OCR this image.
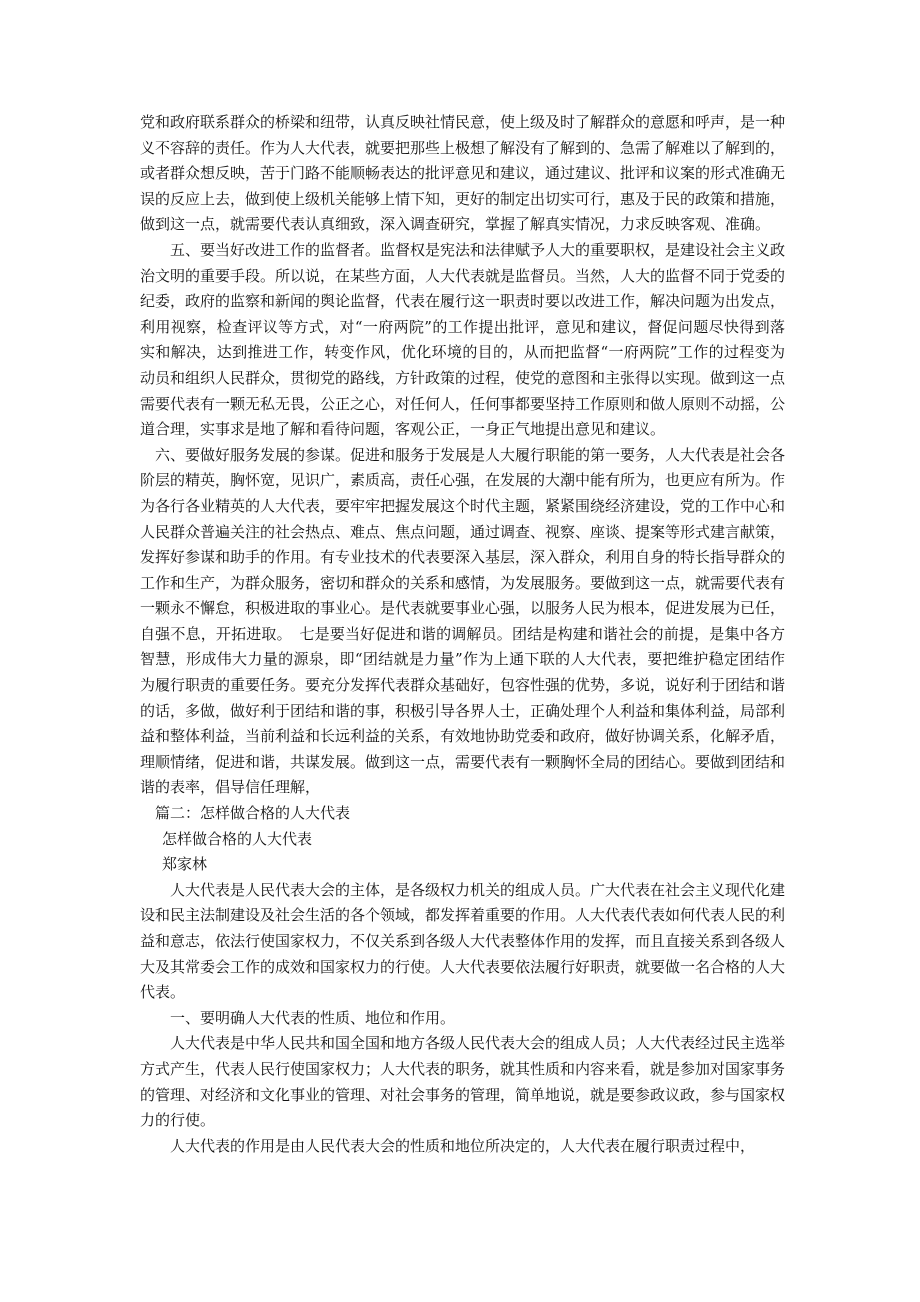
党和政府联系群众的桥梁和纽带，认真反映社情民意，使上级及时了解群众的意愿和呼声，是一种义不容辞的责任。作为人大代表，就要把那些上极想了解没有了解到的、急需了解难以了解到的，或者群众想反映，苦于门路不能顺畅表达的批评意见和建议，通过建议、批评和议案的形式准确无误的反应上去，做到使上级机关能够上情下知，更好的制定出切实可行，惠及于民的政策和措施，做到这一点，就需要代表认真细致，深入调查研究，掌握了解真实情况，力求反映客观、准确。

五、要当好改进工作的监督者。监督权是宪法和法律赋予人大的重要职权，是建设社会主义政治文明的重要手段。所以说，在某些方面，人大代表就是监督员。当然，人大的监督不同于党委的纪委，政府的监察和新闻的舆论监督，代表在履行这一职责时要以改进工作，解决问题为出发点，利用视察，检查评议等方式，对“一府两院”的工作提出批评，意见和建议，督促问题尽快得到落实和解决，达到推进工作，转变作风，优化环境的目的，从而把监督“一府两院”工作的过程变为动员和组织人民群众，贯彻党的路线，方针政策的过程，使党的意图和主张得以实现。做到这一点需要代表有一颗无私无畏，公正之心，对任何人，任何事都要坚持工作原则和做人原则不动摇，公道合理，实事求是地了解和看待问题，客观公正，一身正气地提出意见和建议。

六、要做好服务发展的参谋。促进和服务于发展是人大履行职能的第一要务，人大代表是社会各阶层的精英，胸怀宽，见识广，素质高，责任心强，在发展的大潮中能有所为，也更应有所为。作为各行各业精英的人大代表，要牢牢把握发展这个时代主题，紧紧围绕经济建设，党的工作中心和人民群众普遍关注的社会热点、难点、焦点问题，通过调查、视察、座谈、提案等形式建言献策，发挥好参谋和助手的作用。有专业技术的代表要深入基层，深入群众，利用自身的特长指导群众的工作和生产，为群众服务，密切和群众的关系和感情，为发展服务。要做到这一点，就需要代表有一颗永不懈怠，积极进取的事业心。是代表就要事业心强，以服务人民为根本，促进发展为已任，自强不息，开拓进取。　七是要当好促进和谐的调解员。团结是构建和谐社会的前提，是集中各方智慧，形成伟大力量的源泉，即“团结就是力量”作为上通下联的人大代表，要把维护稳定团结作为履行职责的重要任务。要充分发挥代表群众基础好，包容性强的优势，多说，说好利于团结和谐的话，多做，做好利于团结和谐的事，积极引导各界人士，正确处理个人利益和集体利益，局部利益和整体利益，当前利益和长远利益的关系，有效地协助党委和政府，做好协调关系，化解矛盾，理顺情绪，促进和谐，共谋发展。做到这一点，需要代表有一颗胸怀全局的团结心。要做到团结和谐的表率，倡导信任理解，

篇二：怎样做合格的人大代表

怎样做合格的人大代表

郑家林

人大代表是人民代表大会的主体，是各级权力机关的组成人员。广大代表在社会主义现代化建设和民主法制建设及社会生活的各个领域，都发挥着重要的作用。人大代表代表如何代表人民的利益和意志，依法行使国家权力，不仅关系到各级人大代表整体作用的发挥，而且直接关系到各级人大及其常委会工作的成效和国家权力的行使。人大代表要依法履行好职责，就要做一名合格的人大代表。

一、要明确人大代表的性质、地位和作用。

人大代表是中华人民共和国全国和地方各级人民代表大会的组成人员；人大代表经过民主选举方式产生，代表人民行使国家权力；人大代表的职务，就其性质和内容来看，就是参加对国家事务的管理、对经济和文化事业的管理、对社会事务的管理，简单地说，就是要参政议政，参与国家权力的行使。

人大代表的作用是由人民代表大会的性质和地位所决定的，人大代表在履行职责过程中，
